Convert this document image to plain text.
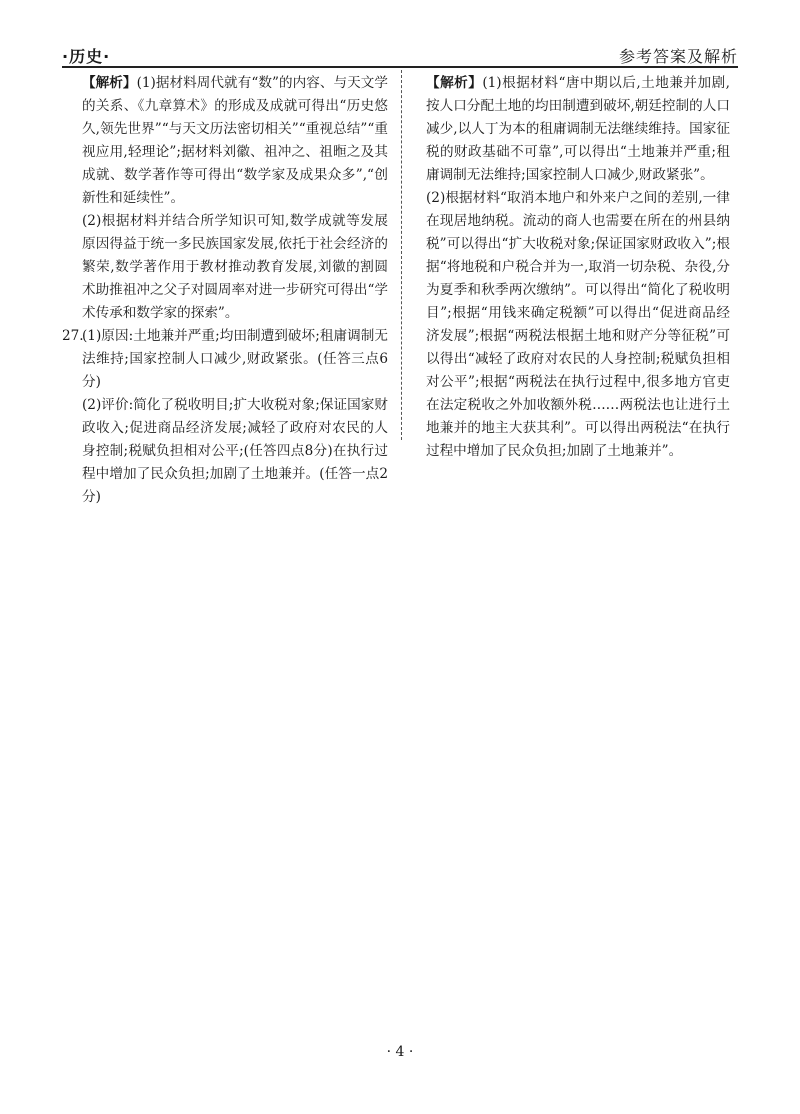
·历史·	参考答案及解析

【解析】(1)据材料周代就有“数”的内容、与天文学的关系、《九章算术》的形成及成就可得出“历史悠久,领先世界”“与天文历法密切相关”“重视总结”“重视应用,轻理论”;据材料刘徽、祖冲之、祖暅之及其成就、数学著作等可得出“数学家及成果众多”,“创新性和延续性”。

(2)根据材料并结合所学知识可知,数学成就等发展原因得益于统一多民族国家发展,依托于社会经济的繁荣,数学著作用于教材推动教育发展,刘徽的割圆术助推祖冲之父子对圆周率对进一步研究可得出“学术传承和数学家的探索”。

27.

(1)原因:土地兼并严重;均田制遭到破坏;租庸调制无法维持;国家控制人口减少,财政紧张。(任答三点6分)

(2)评价:简化了税收明目;扩大收税对象;保证国家财政收入;促进商品经济发展;减轻了政府对农民的人身控制;税赋负担相对公平;(任答四点8分)在执行过程中增加了民众负担;加剧了土地兼并。(任答一点2分)

【解析】(1)根据材料“唐中期以后,土地兼并加剧,按人口分配土地的均田制遭到破坏,朝廷控制的人口减少,以人丁为本的租庸调制无法继续维持。国家征税的财政基础不可靠”,可以得出“土地兼并严重;租庸调制无法维持;国家控制人口减少,财政紧张”。

(2)根据材料“取消本地户和外来户之间的差别,一律在现居地纳税。流动的商人也需要在所在的州县纳税”可以得出“扩大收税对象;保证国家财政收入”;根据“将地税和户税合并为一,取消一切杂税、杂役,分为夏季和秋季两次缴纳”。可以得出“简化了税收明目”;根据“用钱来确定税额”可以得出“促进商品经济发展”;根据“两税法根据土地和财产分等征税”可以得出“减轻了政府对农民的人身控制;税赋负担相对公平”;根据“两税法在执行过程中,很多地方官吏在法定税收之外加收额外税……两税法也让进行土地兼并的地主大获其利”。可以得出两税法“在执行过程中增加了民众负担;加剧了土地兼并”。

· 4 ·
